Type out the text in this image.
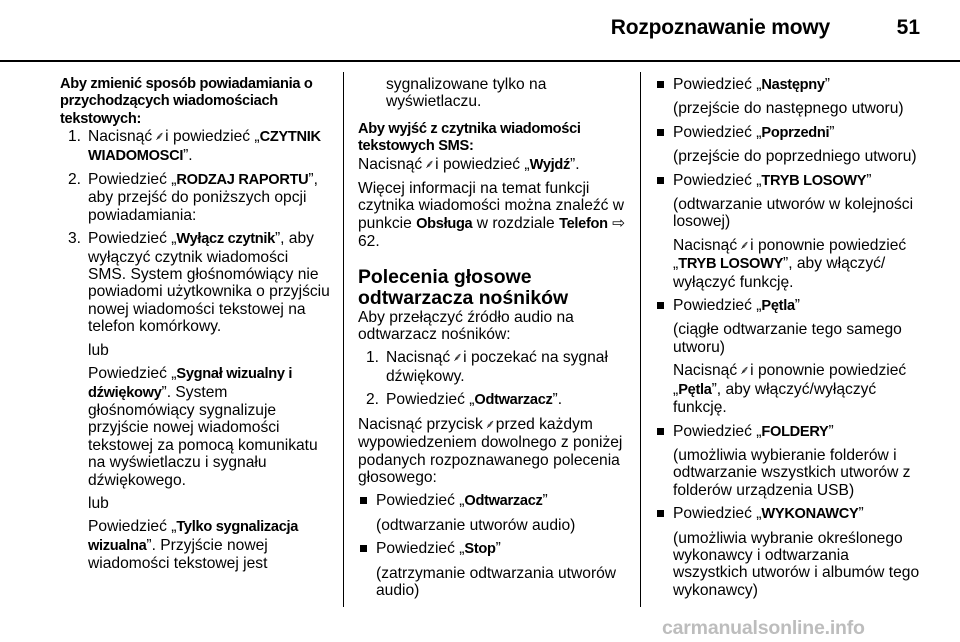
Rozpoznawanie mowy	51

Aby zmienić sposób powiadamiania o przychodzących wiadomościach tekstowych:

1. Nacisnąć ⸙ i powiedzieć „CZYTNIK WIADOMOSCI”.
2. Powiedzieć „RODZAJ RAPORTU”, aby przejść do poniższych opcji powiadamiania:
3. Powiedzieć „Wyłącz czytnik”, aby wyłączyć czytnik wiadomości SMS. System głośnomówiący nie powiadomi użytkownika o przyjściu nowej wiadomości tekstowej na telefon komórkowy.

lub

Powiedzieć „Sygnał wizualny i dźwiękowy”. System głośnomówiący sygnalizuje przyjście nowej wiadomości tekstowej za pomocą komunikatu na wyświetlaczu i sygnału dźwiękowego.

lub

Powiedzieć „Tylko sygnalizacja wizualna”. Przyjście nowej wiadomości tekstowej jest

sygnalizowane tylko na wyświetlaczu.

Aby wyjść z czytnika wiadomości tekstowych SMS:

Nacisnąć ⸙ i powiedzieć „Wyjdź”.

Więcej informacji na temat funkcji czytnika wiadomości można znaleźć w punkcie Obsługa w rozdziale Telefon ⇨ 62.

Polecenia głosowe odtwarzacza nośników

Aby przełączyć źródło audio na odtwarzacz nośników:

1. Nacisnąć ⸙ i poczekać na sygnał dźwiękowy.
2. Powiedzieć „Odtwarzacz”.

Nacisnąć przycisk ⸙ przed każdym wypowiedzeniem dowolnego z poniżej podanych rozpoznawanego polecenia głosowego:

Powiedzieć „Odtwarzacz”

(odtwarzanie utworów audio)

Powiedzieć „Stop”

(zatrzymanie odtwarzania utworów audio)

Powiedzieć „Następny”

(przejście do następnego utworu)

Powiedzieć „Poprzedni”

(przejście do poprzedniego utworu)

Powiedzieć „TRYB LOSOWY”

(odtwarzanie utworów w kolejności losowej)

Nacisnąć ⸙ i ponownie powiedzieć „TRYB LOSOWY”, aby włączyć/ wyłączyć funkcję.

Powiedzieć „Pętla”

(ciągłe odtwarzanie tego samego utworu)

Nacisnąć ⸙ i ponownie powiedzieć „Pętla”, aby włączyć/wyłączyć funkcję.

Powiedzieć „FOLDERY”

(umożliwia wybieranie folderów i odtwarzanie wszystkich utworów z folderów urządzenia USB)

Powiedzieć „WYKONAWCY”

(umożliwia wybranie określonego wykonawcy i odtwarzania wszystkich utworów i albumów tego wykonawcy)

carmanualsonline.info
